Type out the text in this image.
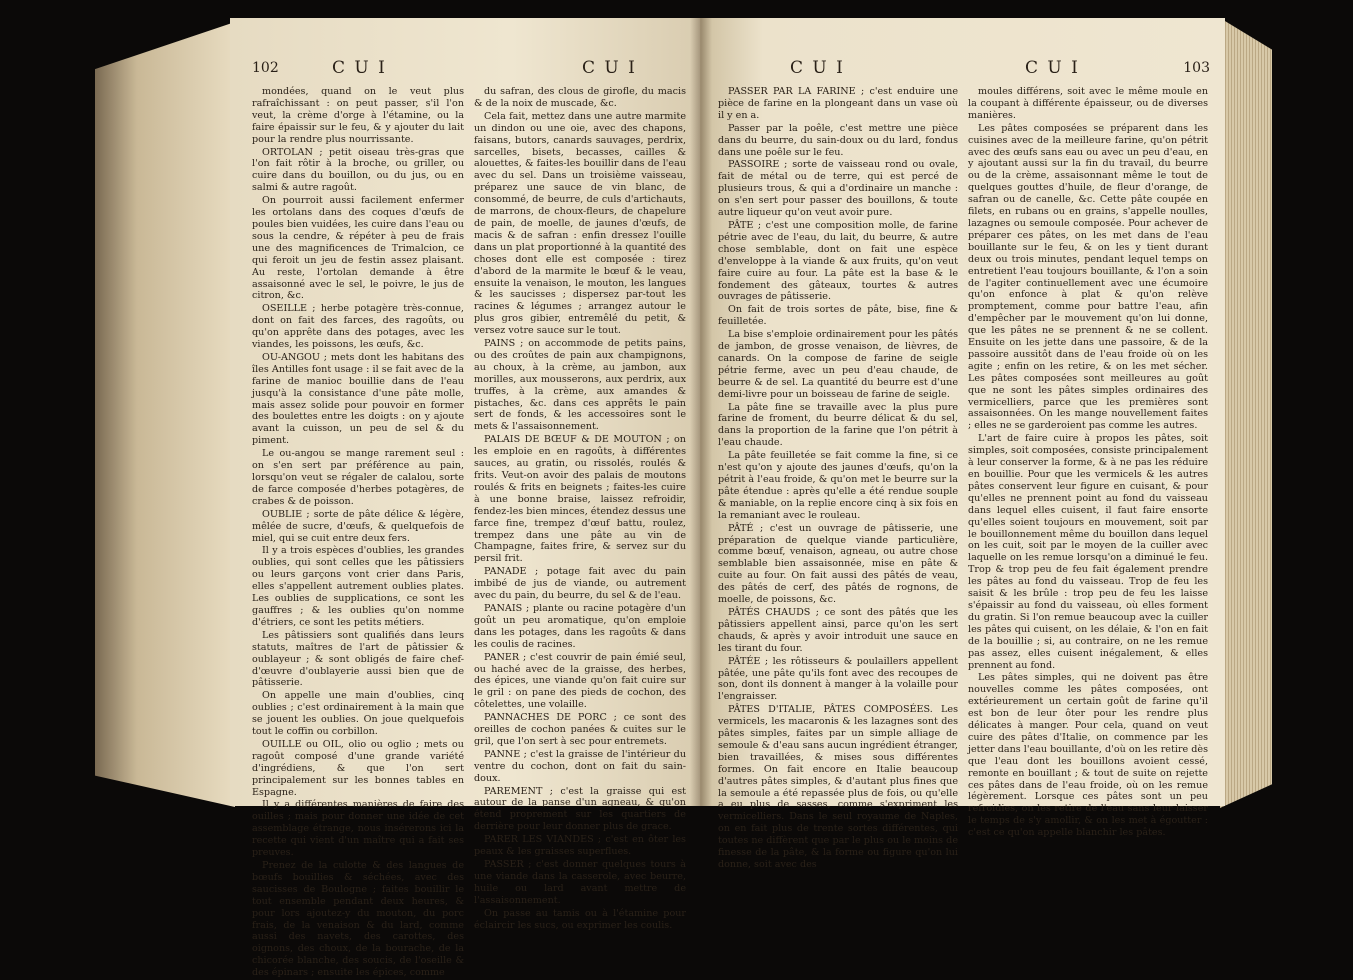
102	C U I	C U I

mondées, quand on le veut plus rafraîchissant : on peut passer, s'il l'on veut, la crème d'orge à l'étamine, ou la faire épaissir sur le feu, & y ajouter du lait pour la rendre plus nourrissante.

ORTOLAN ; petit oiseau très-gras que l'on fait rôtir à la broche, ou griller, ou cuire dans du bouillon, ou du jus, ou en salmi & autre ragoût.

On pourroit aussi facilement enfermer les ortolans dans des coques d'œufs de poules bien vuidées, les cuire dans l'eau ou sous la cendre, & répéter à peu de frais une des magnificences de Trimalcion, ce qui feroit un jeu de festin assez plaisant. Au reste, l'ortolan demande à être assaisonné avec le sel, le poivre, le jus de citron, &c.

OSEILLE ; herbe potagère très-connue, dont on fait des farces, des ragoûts, ou qu'on apprête dans des potages, avec les viandes, les poissons, les œufs, &c.

OU-ANGOU ; mets dont les habitans des îles Antilles font usage : il se fait avec de la farine de manioc bouillie dans de l'eau jusqu'à la consistance d'une pâte molle, mais assez solide pour pouvoir en former des boulettes entre les doigts : on y ajoute avant la cuisson, un peu de sel & du piment.

Le ou-angou se mange rarement seul : on s'en sert par préférence au pain, lorsqu'on veut se régaler de calalou, sorte de farce composée d'herbes potagères, de crabes & de poisson.

OUBLIE ; sorte de pâte délice & légère, mêlée de sucre, d'œufs, & quelquefois de miel, qui se cuit entre deux fers.

Il y a trois espèces d'oublies, les grandes oublies, qui sont celles que les pâtissiers ou leurs garçons vont crier dans Paris, elles s'appellent autrement oublies plates. Les oublies de supplications, ce sont les gauffres ; & les oublies qu'on nomme d'étriers, ce sont les petits métiers.

Les pâtissiers sont qualifiés dans leurs statuts, maîtres de l'art de pâtissier & oublayeur ; & sont obligés de faire chef-d'œuvre d'oublayerie aussi bien que de pâtisserie.

On appelle une main d'oublies, cinq oublies ; c'est ordinairement à la main que se jouent les oublies. On joue quelquefois tout le coffin ou corbillon.

OUILLE ou OIL, olio ou oglio ; mets ou ragoût composé d'une grande variété d'ingrédiens, & que l'on sert principalement sur les bonnes tables en Espagne.

Il y a différentes manières de faire des ouilles ; mais pour donner une idée de cet assemblage étrange, nous insérerons ici la recette qui vient d'un maître qui a fait ses preuves.

Prenez de la culotte & des langues de bœufs bouillies & séchées, avec des saucisses de Boulogne ; faites bouillir le tout ensemble pendant deux heures, & pour lors ajoutez-y du mouton, du porc frais, de la venaison & du lard, comme aussi des navets, des carottes, des oignons, des choux, de la bourache, de la chicorée blanche, des soucis, de l'oseille & des épinars ; ensuite les épices, comme

du safran, des clous de girofle, du macis & de la noix de muscade, &c.

Cela fait, mettez dans une autre marmite un dindon ou une oie, avec des chapons, faisans, butors, canards sauvages, perdrix, sarcelles, bisets, becasses, cailles & alouettes, & faites-les bouillir dans de l'eau avec du sel. Dans un troisième vaisseau, préparez une sauce de vin blanc, de consommé, de beurre, de culs d'artichauts, de marrons, de choux-fleurs, de chapelure de pain, de moelle, de jaunes d'œufs, de macis & de safran : enfin dressez l'ouille dans un plat proportionné à la quantité des choses dont elle est composée : tirez d'abord de la marmite le bœuf & le veau, ensuite la venaison, le mouton, les langues & les saucisses ; dispersez par-tout les racines & légumes ; arrangez autour le plus gros gibier, entremêlé du petit, & versez votre sauce sur le tout.

PAINS ; on accommode de petits pains, ou des croûtes de pain aux champignons, au choux, à la crème, au jambon, aux morilles, aux mousserons, aux perdrix, aux truffes, à la crème, aux amandes & pistaches, &c. dans ces apprêts le pain sert de fonds, & les accessoires sont le mets & l'assaisonnement.

PALAIS DE BŒUF & DE MOUTON ; on les emploie en en ragoûts, à différentes sauces, au gratin, ou rissolés, roulés & frits. Veut-on avoir des palais de moutons roulés & frits en beignets ; faites-les cuire à une bonne braise, laissez refroidir, fendez-les bien minces, étendez dessus une farce fine, trempez d'œuf battu, roulez, trempez dans une pâte au vin de Champagne, faites frire, & servez sur du persil frit.

PANADE ; potage fait avec du pain imbibé de jus de viande, ou autrement avec du pain, du beurre, du sel & de l'eau.

PANAIS ; plante ou racine potagère d'un goût un peu aromatique, qu'on emploie dans les potages, dans les ragoûts & dans les coulis de racines.

PANER ; c'est couvrir de pain émié seul, ou haché avec de la graisse, des herbes, des épices, une viande qu'on fait cuire sur le gril : on pane des pieds de cochon, des côtelettes, une volaille.

PANNACHES DE PORC ; ce sont des oreilles de cochon panées & cuites sur le gril, que l'on sert à sec pour entremets.

PANNE ; c'est la graisse de l'intérieur du ventre du cochon, dont on fait du sain-doux.

PAREMENT ; c'est la graisse qui est autour de la panse d'un agneau, & qu'on étend proprement sur les quartiers de derrière pour leur donner plus de grace.

PARER LES VIANDES ; c'est en ôter les peaux & les graisses superflues.

PASSER ; c'est donner quelques tours à une viande dans la casserole, avec beurre, huile ou lard avant mettre de l'assaisonnement.

On passe au tamis ou à l'étamine pour éclaircir les sucs, ou exprimer les coulis.

C U I	C U I	103

PASSER PAR LA FARINE ; c'est enduire une pièce de farine en la plongeant dans un vase où il y en a.

Passer par la poêle, c'est mettre une pièce dans du beurre, du sain-doux ou du lard, fondus dans une poêle sur le feu.

PASSOIRE ; sorte de vaisseau rond ou ovale, fait de métal ou de terre, qui est percé de plusieurs trous, & qui a d'ordinaire un manche : on s'en sert pour passer des bouillons, & toute autre liqueur qu'on veut avoir pure.

PÂTE ; c'est une composition molle, de farine pétrie avec de l'eau, du lait, du beurre, & autre chose semblable, dont on fait une espèce d'enveloppe à la viande & aux fruits, qu'on veut faire cuire au four. La pâte est la base & le fondement des gâteaux, tourtes & autres ouvrages de pâtisserie.

On fait de trois sortes de pâte, bise, fine & feuilletée.

La bise s'emploie ordinairement pour les pâtés de jambon, de grosse venaison, de lièvres, de canards. On la compose de farine de seigle pétrie ferme, avec un peu d'eau chaude, de beurre & de sel. La quantité du beurre est d'une demi-livre pour un boisseau de farine de seigle.

La pâte fine se travaille avec la plus pure farine de froment, du beurre délicat & du sel, dans la proportion de la farine que l'on pétrit à l'eau chaude.

La pâte feuilletée se fait comme la fine, si ce n'est qu'on y ajoute des jaunes d'œufs, qu'on la pétrit à l'eau froide, & qu'on met le beurre sur la pâte étendue : après qu'elle a été rendue souple & maniable, on la replie encore cinq à six fois en la remaniant avec le rouleau.

PÂTÉ ; c'est un ouvrage de pâtisserie, une préparation de quelque viande particulière, comme bœuf, venaison, agneau, ou autre chose semblable bien assaisonnée, mise en pâte & cuite au four. On fait aussi des pâtés de veau, des pâtés de cerf, des pâtés de rognons, de moelle, de poissons, &c.

PÂTÉS CHAUDS ; ce sont des pâtés que les pâtissiers appellent ainsi, parce qu'on les sert chauds, & après y avoir introduit une sauce en les tirant du four.

PÂTÉE ; les rôtisseurs & poulaillers appellent pâtée, une pâte qu'ils font avec des recoupes de son, dont ils donnent à manger à la volaille pour l'engraisser.

PÂTES D'ITALIE, PÂTES COMPOSÉES. Les vermicels, les macaronis & les lazagnes sont des pâtes simples, faites par un simple alliage de semoule & d'eau sans aucun ingrédient étranger, bien travaillées, & mises sous différentes formes. On fait encore en Italie beaucoup d'autres pâtes simples, & d'autant plus fines que la semoule a été repassée plus de fois, ou qu'elle a eu plus de sasses, comme s'expriment les vermicelliers. Dans le seul royaume de Naples, on en fait plus de trente sortes différentes, qui toutes ne diffèrent que par le plus ou le moins de finesse de la pâte, & la forme ou figure qu'on lui donne, soit avec des

moules différens, soit avec le même moule en la coupant à différente épaisseur, ou de diverses manières.

Les pâtes composées se préparent dans les cuisines avec de la meilleure farine, qu'on pétrit avec des œufs sans eau ou avec un peu d'eau, en y ajoutant aussi sur la fin du travail, du beurre ou de la crème, assaisonnant même le tout de quelques gouttes d'huile, de fleur d'orange, de safran ou de canelle, &c. Cette pâte coupée en filets, en rubans ou en grains, s'appelle noulles, lazagnes ou semoule composée. Pour achever de préparer ces pâtes, on les met dans de l'eau bouillante sur le feu, & on les y tient durant deux ou trois minutes, pendant lequel temps on entretient l'eau toujours bouillante, & l'on a soin de l'agiter continuellement avec une écumoire qu'on enfonce à plat & qu'on relève promptement, comme pour battre l'eau, afin d'empêcher par le mouvement qu'on lui donne, que les pâtes ne se prennent & ne se collent. Ensuite on les jette dans une passoire, & de la passoire aussitôt dans de l'eau froide où on les agite ; enfin on les retire, & on les met sécher. Les pâtes composées sont meilleures au goût que ne sont les pâtes simples ordinaires des vermicelliers, parce que les premières sont assaisonnées. On les mange nouvellement faites ; elles ne se garderoient pas comme les autres.

L'art de faire cuire à propos les pâtes, soit simples, soit composées, consiste principalement à leur conserver la forme, & à ne pas les réduire en bouillie. Pour que les vermicels & les autres pâtes conservent leur figure en cuisant, & pour qu'elles ne prennent point au fond du vaisseau dans lequel elles cuisent, il faut faire ensorte qu'elles soient toujours en mouvement, soit par le bouillonnement même du bouillon dans lequel on les cuit, soit par le moyen de la cuiller avec laquelle on les remue lorsqu'on a diminué le feu. Trop & trop peu de feu fait également prendre les pâtes au fond du vaisseau. Trop de feu les saisit & les brûle : trop peu de feu les laisse s'épaissir au fond du vaisseau, où elles forment du gratin. Si l'on remue beaucoup avec la cuiller les pâtes qui cuisent, on les délaie, & l'on en fait de la bouillie ; si, au contraire, on ne les remue pas assez, elles cuisent inégalement, & elles prennent au fond.

Les pâtes simples, qui ne doivent pas être nouvelles comme les pâtes composées, ont extérieurement un certain goût de farine qu'il est bon de leur ôter pour les rendre plus délicates à manger. Pour cela, quand on veut cuire des pâtes d'Italie, on commence par les jetter dans l'eau bouillante, d'où on les retire dès que l'eau dont les bouillons avoient cessé, remonte en bouillant ; & tout de suite on rejette ces pâtes dans de l'eau froide, où on les remue légèrement. Lorsque ces pâtes sont un peu refroidies, on les retire de l'eau sans leur laisser le temps de s'y amollir, & on les met à égoutter : c'est ce qu'on appelle blanchir les pâtes.
